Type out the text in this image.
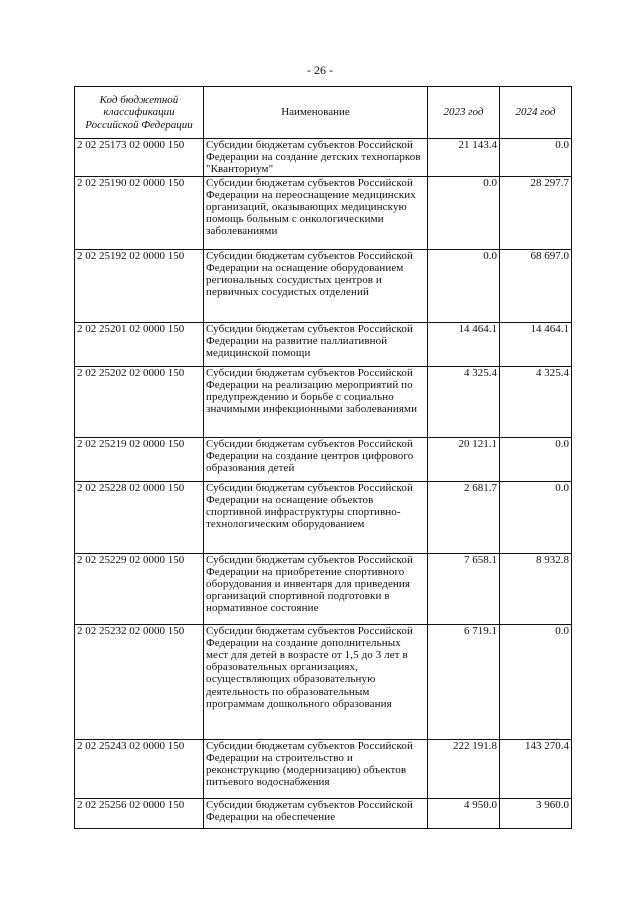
- 26 -
Код бюджетной классификации Российской Федерации	Наименование	2023 год	2024 год
2 02 25173 02 0000 150	Субсидии бюджетам субъектов Российской Федерации на создание детских технопарков "Кванториум"	21 143.4	0.0
2 02 25190 02 0000 150	Субсидии бюджетам субъектов Российской Федерации на переоснащение медицинских организаций, оказывающих медицинскую помощь больным с онкологическими заболеваниями	0.0	28 297.7
2 02 25192 02 0000 150	Субсидии бюджетам субъектов Российской Федерации на оснащение оборудованием региональных сосудистых центров и первичных сосудистых отделений	0.0	68 697.0
2 02 25201 02 0000 150	Субсидии бюджетам субъектов Российской Федерации на развитие паллиативной медицинской помощи	14 464.1	14 464.1
2 02 25202 02 0000 150	Субсидии бюджетам субъектов Российской Федерации на реализацию мероприятий по предупреждению и борьбе с социально значимыми инфекционными заболеваниями	4 325.4	4 325.4
2 02 25219 02 0000 150	Субсидии бюджетам субъектов Российской Федерации на создание центров цифрового образования детей	20 121.1	0.0
2 02 25228 02 0000 150	Субсидии бюджетам субъектов Российской Федерации на оснащение объектов спортивной инфраструктуры спортивно-технологическим оборудованием	2 681.7	0.0
2 02 25229 02 0000 150	Субсидии бюджетам субъектов Российской Федерации на приобретение спортивного оборудования и инвентаря для приведения организаций спортивной подготовки в нормативное состояние	7 658.1	8 932.8
2 02 25232 02 0000 150	Субсидии бюджетам субъектов Российской Федерации на создание дополнительных мест для детей в возрасте от 1,5 до 3 лет в образовательных организациях, осуществляющих образовательную деятельность по образовательным программам дошкольного образования	6 719.1	0.0
2 02 25243 02 0000 150	Субсидии бюджетам субъектов Российской Федерации на строительство и реконструкцию (модернизацию) объектов питьевого водоснабжения	222 191.8	143 270.4
2 02 25256 02 0000 150	Субсидии бюджетам субъектов Российской Федерации на обеспечение	4 950.0	3 960.0
